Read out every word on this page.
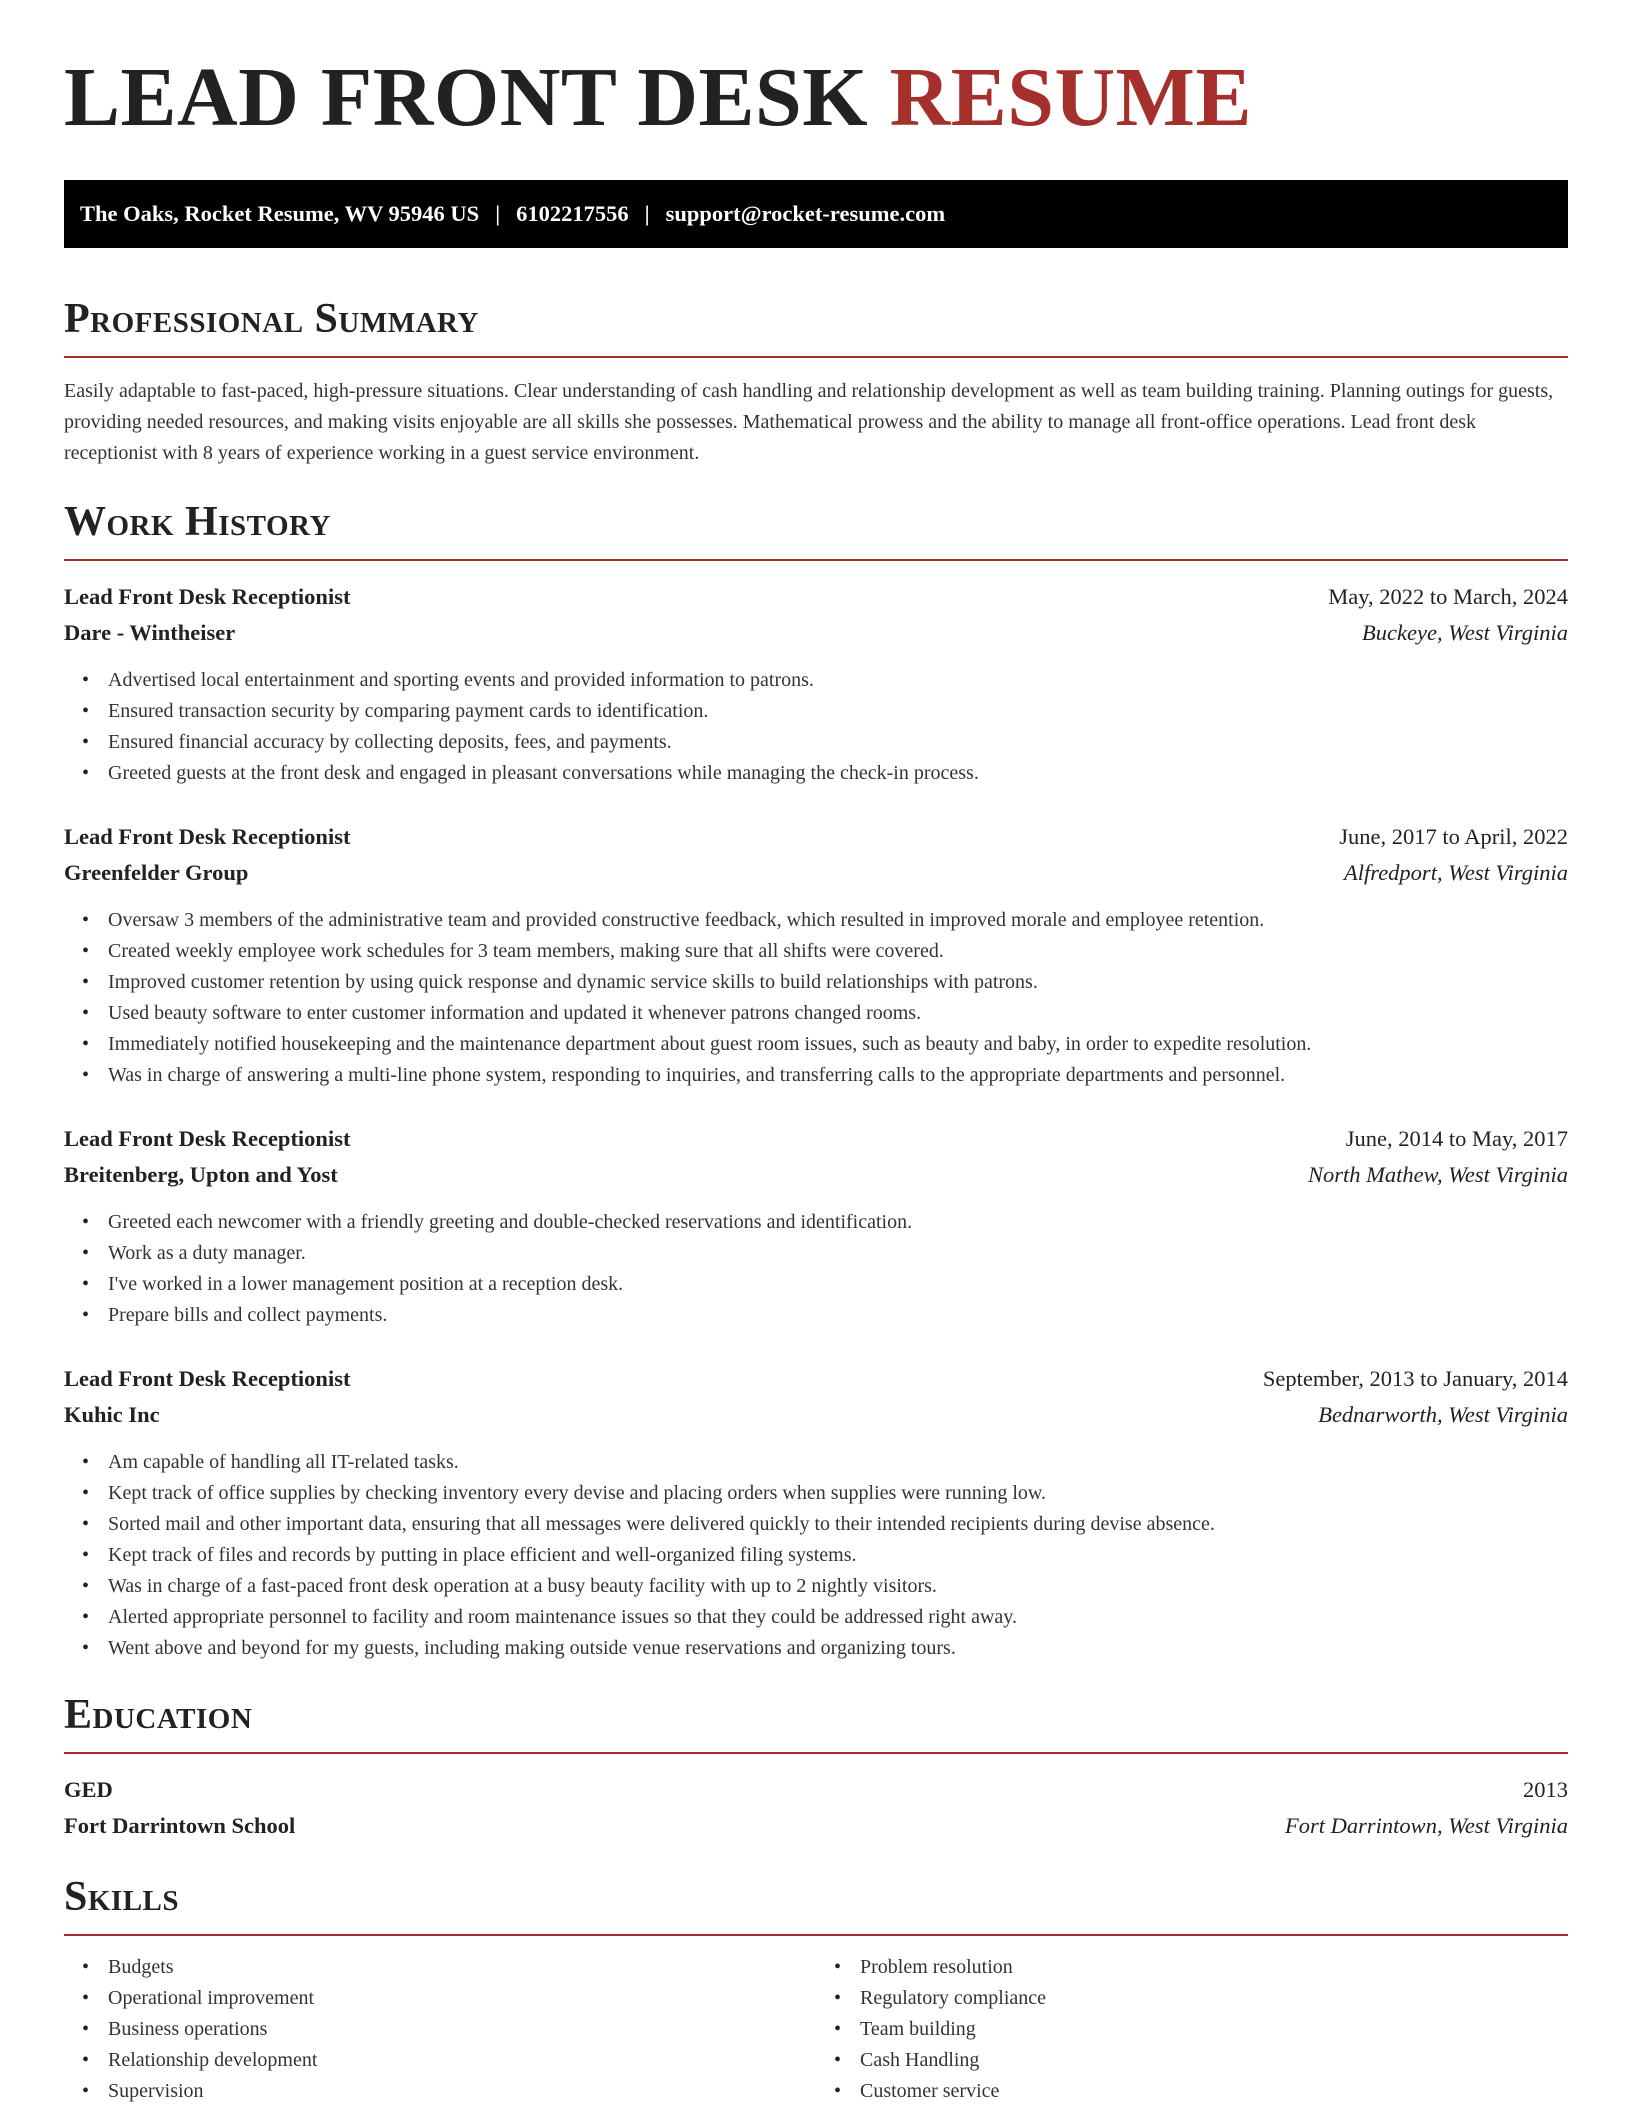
LEAD FRONT DESK RESUME
The Oaks, Rocket Resume, WV 95946 US | 6102217556 | support@rocket-resume.com
Professional Summary

Easily adaptable to fast-paced, high-pressure situations. Clear understanding of cash handling and relationship development as well as team building training. Planning outings for guests, providing needed resources, and making visits enjoyable are all skills she possesses. Mathematical prowess and the ability to manage all front-office operations. Lead front desk receptionist with 8 years of experience working in a guest service environment.

Work History
Lead Front Desk Receptionist	May, 2022 to March, 2024
Dare - Wintheiser	Buckeye, West Virginia
• Advertised local entertainment and sporting events and provided information to patrons.
• Ensured transaction security by comparing payment cards to identification.
• Ensured financial accuracy by collecting deposits, fees, and payments.
• Greeted guests at the front desk and engaged in pleasant conversations while managing the check-in process.
Lead Front Desk Receptionist	June, 2017 to April, 2022
Greenfelder Group	Alfredport, West Virginia
• Oversaw 3 members of the administrative team and provided constructive feedback, which resulted in improved morale and employee retention.
• Created weekly employee work schedules for 3 team members, making sure that all shifts were covered.
• Improved customer retention by using quick response and dynamic service skills to build relationships with patrons.
• Used beauty software to enter customer information and updated it whenever patrons changed rooms.
• Immediately notified housekeeping and the maintenance department about guest room issues, such as beauty and baby, in order to expedite resolution.
• Was in charge of answering a multi-line phone system, responding to inquiries, and transferring calls to the appropriate departments and personnel.
Lead Front Desk Receptionist	June, 2014 to May, 2017
Breitenberg, Upton and Yost	North Mathew, West Virginia
• Greeted each newcomer with a friendly greeting and double-checked reservations and identification.
• Work as a duty manager.
• I've worked in a lower management position at a reception desk.
• Prepare bills and collect payments.
Lead Front Desk Receptionist	September, 2013 to January, 2014
Kuhic Inc	Bednarworth, West Virginia
• Am capable of handling all IT-related tasks.
• Kept track of office supplies by checking inventory every devise and placing orders when supplies were running low.
• Sorted mail and other important data, ensuring that all messages were delivered quickly to their intended recipients during devise absence.
• Kept track of files and records by putting in place efficient and well-organized filing systems.
• Was in charge of a fast-paced front desk operation at a busy beauty facility with up to 2 nightly visitors.
• Alerted appropriate personnel to facility and room maintenance issues so that they could be addressed right away.
• Went above and beyond for my guests, including making outside venue reservations and organizing tours.
Education
GED	2013
Fort Darrintown School	Fort Darrintown, West Virginia
Skills
• Budgets
• Operational improvement
• Business operations
• Relationship development
• Supervision
• Problem resolution
• Regulatory compliance
• Team building
• Cash Handling
• Customer service
